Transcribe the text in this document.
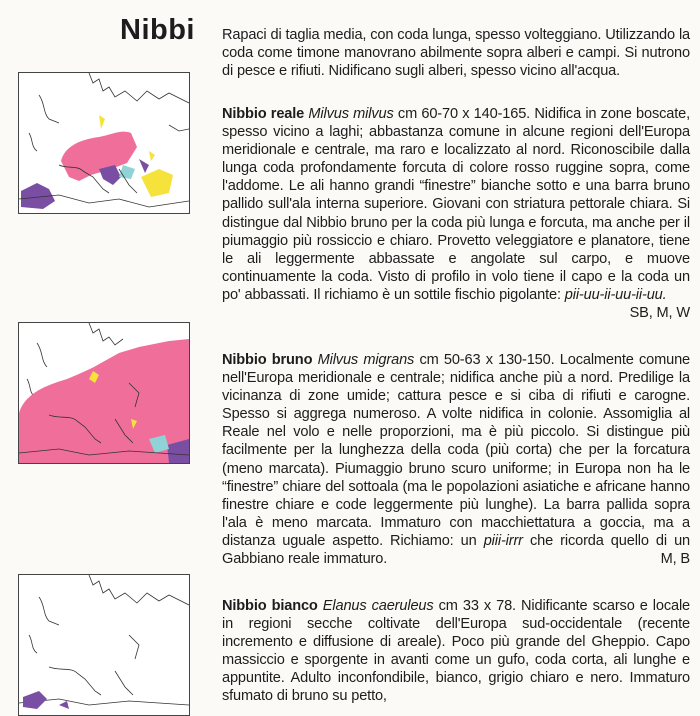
Nibbi Rapaci di taglia media, con coda lunga, spesso volteggiano. Utilizzando la coda come timone manovrano abilmente sopra alberi e campi. Si nutrono di pesce e rifiuti. Nidificano sugli alberi, spesso vicino all'acqua.

Nibbio reale Milvus milvus cm 60-70 x 140-165. Nidifica in zone boscate, spesso vicino a laghi; abbastanza comune in alcune regioni dell'Europa meridionale e centrale, ma raro e localizzato al nord. Riconoscibile dalla lunga coda profondamente forcuta di colore rosso ruggine sopra, come l'addome. Le ali hanno grandi “finestre” bianche sotto e una barra bruno pallido sull'ala interna superiore. Giovani con striatura pettorale chiara. Si distingue dal Nibbio bruno per la coda più lunga e forcuta, ma anche per il piumaggio più rossiccio e chiaro. Provetto veleggiatore e planatore, tiene le ali leggermente abbassate e angolate sul carpo, e muove continuamente la coda. Visto di profilo in volo tiene il capo e la coda un po' abbassati. Il richiamo è un sottile fischio pigolante: pii-uu-ii-uu-ii-uu.
SB, M, W

Nibbio bruno Milvus migrans cm 50-63 x 130-150. Localmente comune nell'Europa meridionale e centrale; nidifica anche più a nord. Predilige la vicinanza di zone umide; cattura pesce e si ciba di rifiuti e carogne. Spesso si aggrega numeroso. A volte nidifica in colonie. Assomiglia al Reale nel volo e nelle proporzioni, ma è più piccolo. Si distingue più facilmente per la lunghezza della coda (più corta) che per la forcatura (meno marcata). Piumaggio bruno scuro uniforme; in Europa non ha le “finestre” chiare del sottoala (ma le popolazioni asiatiche e africane hanno finestre chiare e code leggermente più lunghe). La barra pallida sopra l'ala è meno marcata. Immaturo con macchiettatura a goccia, ma a distanza uguale aspetto. Richiamo: un piii-irrr che ricorda quello di un Gabbiano reale immaturo.	M, B

Nibbio bianco Elanus caeruleus cm 33 x 78. Nidificante scarso e locale in regioni secche coltivate dell'Europa sud-occidentale (recente incremento e diffusione di areale). Poco più grande del Gheppio. Capo massiccio e sporgente in avanti come un gufo, coda corta, ali lunghe e appuntite. Adulto inconfondibile, bianco, grigio chiaro e nero. Immaturo sfumato di bruno su petto,
